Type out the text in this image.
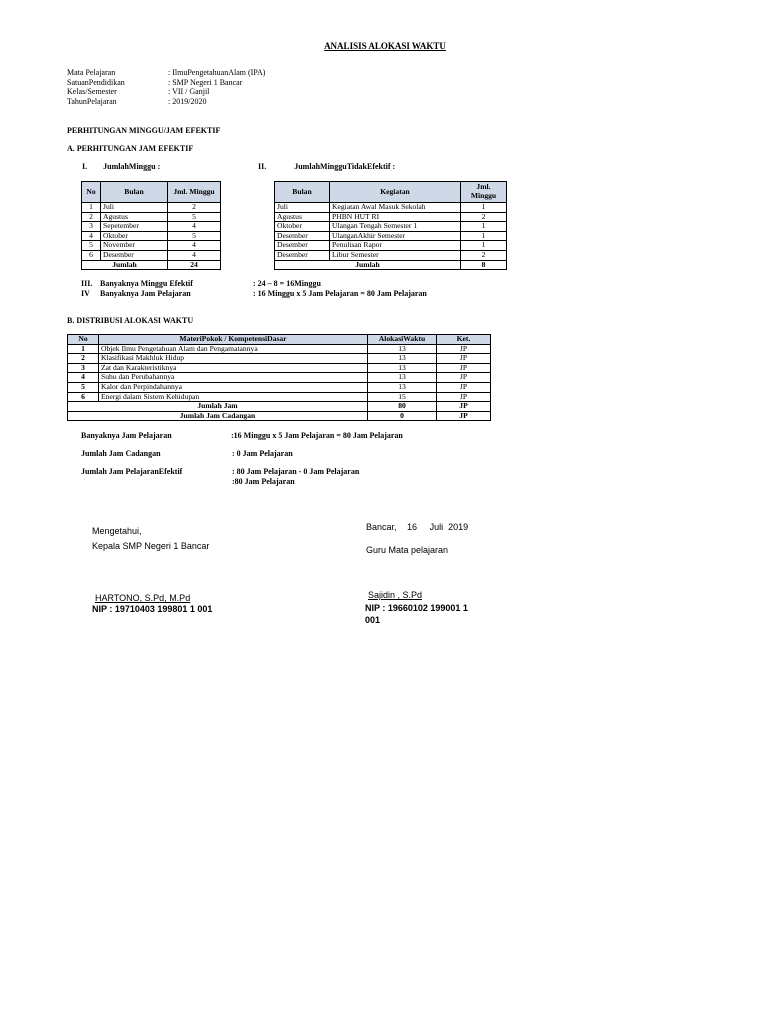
ANALISIS ALOKASI WAKTU
Mata Pelajaran	: IlmuPengetahuanAlam (IPA)
SatuanPendidikan	: SMP Negeri 1 Bancar
Kelas/Semester	: VII / Ganjil
TahunPelajaran	: 2019/2020
PERHITUNGAN MINGGU/JAM EFEKTIF
A. PERHITUNGAN JAM EFEKTIF
I. JumlahMinggu :	II.	JumlahMingguTidakEfektif :
No	Bulan	Jml. Minggu
1	Juli	2
2	Agustus	5
3	Sepetember	4
4	Oktober	5
5	November	4
6	Desember	4
Jumlah		24
Bulan	Kegiatan	Jml. Minggu
Juli	Kegiatan Awal Masuk Sekolah	1
Agustus	PHBN HUT RI	2
Oktober	Ulangan Tengah Semester 1	1
Desember	UlanganAkhir Semester	1
Desember	Penulisan Rapor	1
Desember	Libur Semester	2
Jumlah		8
III. Banyaknya Minggu Efektif	: 24 – 8 = 16Minggu
IV Banyaknya Jam Pelajaran	: 16 Minggu x 5 Jam Pelajaran = 80 Jam Pelajaran
B. DISTRIBUSI ALOKASI WAKTU
No	MateriPokok / KompetensiDasar	AlokasiWaktu	Ket.
1	Objek Ilmu Pengetahuan Alam dan Pengamatannya	13	JP
2	Klasifikasi Makhluk Hidup	13	JP
3	Zat dan Karakteristiknya	13	JP
4	Suhu dan Perubahannya	13	JP
5	Kalor dan Perpindahannya	13	JP
6	Energi dalam Sistem Kehidupan	15	JP
Jumlah Jam		80	JP
Jumlah Jam Cadangan		0	JP
Banyaknya Jam Pelajaran	:16 Minggu x 5 Jam Pelajaran = 80 Jam Pelajaran
Jumlah Jam Cadangan	: 0 Jam Pelajaran
Jumlah Jam PelajaranEfektif	: 80 Jam Pelajaran - 0 Jam Pelajaran
:80 Jam Pelajaran
Mengetahui,
Kepala SMP Negeri 1 Bancar
Bancar, 16 Juli  2019
Guru Mata pelajaran
HARTONO, S.Pd, M.Pd
NIP : 19710403 199801 1 001
Sajidin , S.Pd
NIP : 19660102 199001 1
001
